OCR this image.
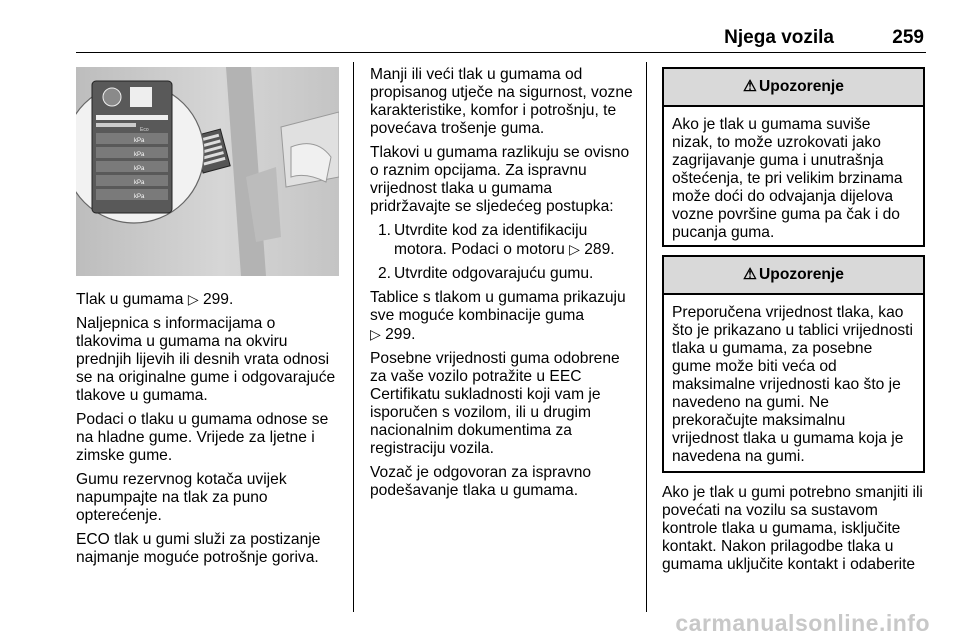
Njega vozila	259
kPa
kPa
kPa
kPa
kPa
Eco

Tlak u gumama ▷ 299.

Naljepnica s informacijama o tlakovima u gumama na okviru prednjih lijevih ili desnih vrata odnosi se na originalne gume i odgovarajuće tlakove u gumama.

Podaci o tlaku u gumama odnose se na hladne gume. Vrijede za ljetne i zimske gume.

Gumu rezervnog kotača uvijek napumpajte na tlak za puno opterećenje.

ECO tlak u gumi služi za postizanje najmanje moguće potrošnje goriva.

Manji ili veći tlak u gumama od propisanog utječe na sigurnost, vozne karakteristike, komfor i potrošnju, te povećava trošenje guma.

Tlakovi u gumama razlikuju se ovisno o raznim opcijama. Za ispravnu vrijednost tlaka u gumama pridržavajte se sljedećeg postupka:

1. Utvrdite kod za identifikaciju motora. Podaci o motoru ▷ 289.
2. Utvrdite odgovarajuću gumu.

Tablice s tlakom u gumama prikazuju sve moguće kombinacije guma
▷ 299.

Posebne vrijednosti guma odobrene za vaše vozilo potražite u EEC Certifikatu sukladnosti koji vam je isporučen s vozilom, ili u drugim nacionalnim dokumentima za registraciju vozila.

Vozač je odgovoran za ispravno podešavanje tlaka u gumama.

⚠ Upozorenje
Ako je tlak u gumama suviše nizak, to može uzrokovati jako zagrijavanje guma i unutrašnja oštećenja, te pri velikim brzinama može doći do odvajanja dijelova vozne površine guma pa čak i do pucanja guma.
⚠ Upozorenje
Preporučena vrijednost tlaka, kao što je prikazano u tablici vrijednosti tlaka u gumama, za posebne gume može biti veća od maksimalne vrijednosti kao što je navedeno na gumi. Ne prekoračujte maksimalnu vrijednost tlaka u gumama koja je navedena na gumi.

Ako je tlak u gumi potrebno smanjiti ili povećati na vozilu sa sustavom kontrole tlaka u gumama, isključite kontakt. Nakon prilagodbe tlaka u gumama uključite kontakt i odaberite

carmanualsonline.info
